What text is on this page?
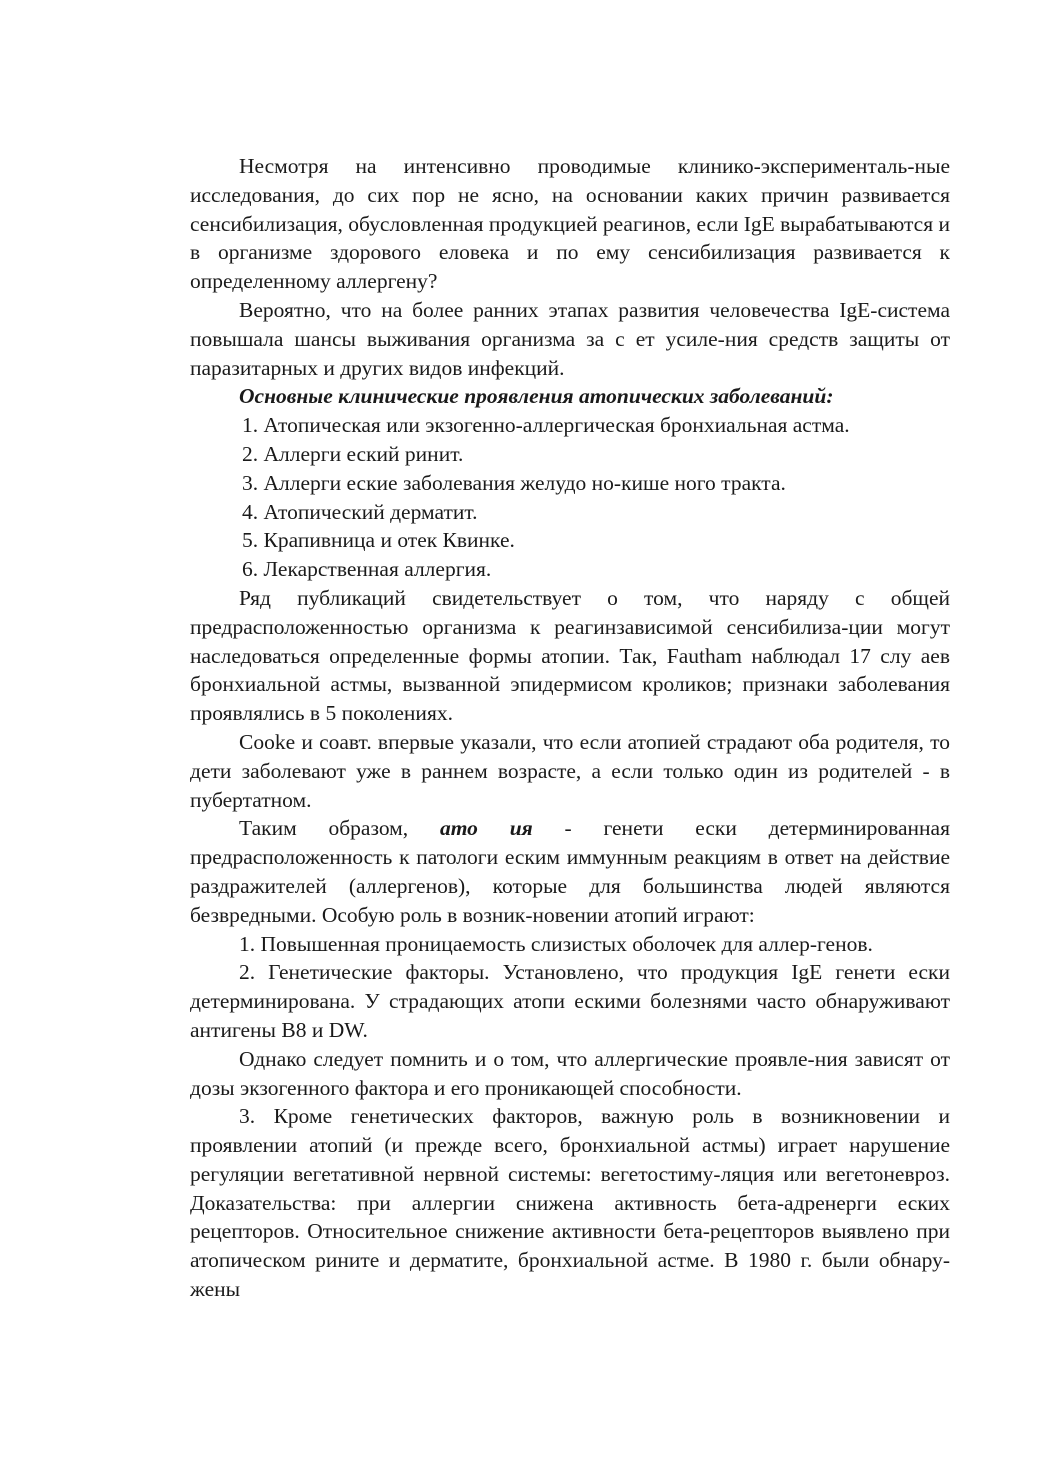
Несмотря на интенсивно проводимые клинико-эксперименталь-ные исследования, до сих пор не ясно, на основании каких причин развивается сенсибилизация, обусловленная продукцией реагинов, если IgE вырабатываются и в организме здорового еловека и по ему сенсибилизация развивается к определенному аллергену?

Вероятно, что на более ранних этапах развития человечества IgE-система повышала шансы выживания организма за с ет усиле-ния средств защиты от паразитарных и других видов инфекций.

Основные клинические проявления атопических заболеваний:

1. Атопическая или экзогенно-аллергическая бронхиальная астма.

2. Аллерги еский ринит.

3. Аллерги еские заболевания желудо но-кише ного тракта.

4. Атопический дерматит.

5. Крапивница и отек Квинке.

6. Лекарственная аллергия.

Ряд публикаций свидетельствует о том, что наряду с общей предрасположенностью организма к реагинзависимой сенсибилиза-ции могут наследоваться определенные формы атопии. Так, Fautham наблюдал 17 слу аев бронхиальной астмы, вызванной эпидермисом кроликов; признаки заболевания проявлялись в 5 поколениях.

Cooke и соавт. впервые указали, что если атопией страдают оба родителя, то дети заболевают уже в раннем возрасте, а если только один из родителей - в пубертатном.

Таким образом, ато ия - генети ески детерминированная предрасположенность к патологи еским иммунным реакциям в ответ на действие раздражителей (аллергенов), которые для большинства людей являются безвредными. Особую роль в возник-новении атопий играют:

1. Повышенная проницаемость слизистых оболочек для аллер-генов.

2. Генетические факторы. Установлено, что продукция IgE генети ески детерминирована. У страдающих атопи ескими болезнями часто обнаруживают антигены B8 и DW.

Однако следует помнить и о том, что аллергические проявле-ния зависят от дозы экзогенного фактора и его проникающей способности.

3. Кроме генетических факторов, важную роль в возникновении и проявлении атопий (и прежде всего, бронхиальной астмы) играет нарушение регуляции вегетативной нервной системы: вегетостиму-ляция или вегетоневроз. Доказательства: при аллергии снижена активность бета-адренерги еских рецепторов. Относительное снижение активности бета-рецепторов выявлено при атопическом рините и дерматите, бронхиальной астме. В 1980 г. были обнару-жены
